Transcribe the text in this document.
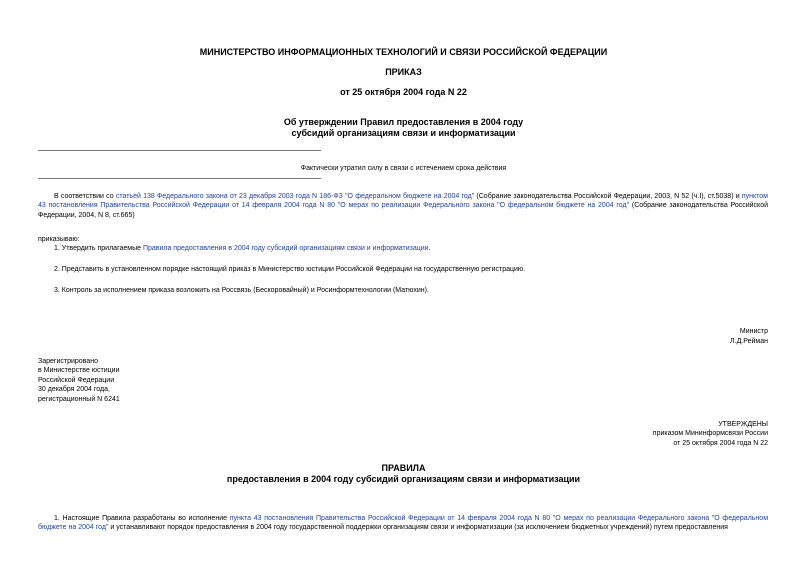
МИНИСТЕРСТВО ИНФОРМАЦИОННЫХ ТЕХНОЛОГИЙ И СВЯЗИ РОССИЙСКОЙ ФЕДЕРАЦИИ
ПРИКАЗ
от 25 октября 2004 года N 22
Об утверждении Правил предоставления в 2004 году
субсидий организациям связи и информатизации
Фактически утратил силу в связи с истечением срока действия

В соответствии со статьей 138 Федерального закона от 23 декабря 2003 года N 186-ФЗ "О федеральном бюджете на 2004 год" (Собрание законодательства Российской Федерации, 2003, N 52 (ч.I), ст.5038) и пунктом 43 постановления Правительства Российской Федерации от 14 февраля 2004 года N 80 "О мерах по реализации Федерального закона "О федеральном бюджете на 2004 год" (Собрание законодательства Российской Федерации, 2004, N 8, ст.665)

приказываю:

1. Утвердить прилагаемые Правила предоставления в 2004 году субсидий организациям связи и информатизации.

2. Представить в установленном порядке настоящий приказ в Министерство юстиции Российской Федерации на государственную регистрацию.

3. Контроль за исполнением приказа возложить на Россвязь (Бескоровайный) и Росинформтехнологии (Матюхин).

Министр
Л.Д.Рейман
Зарегистрировано
в Министерстве юстиции
Российской Федерации
30 декабря 2004 года,
регистрационный N 6241
УТВЕРЖДЕНЫ
приказом Мининформсвязи России
от 25 октября 2004 года N 22
ПРАВИЛА
предоставления в 2004 году субсидий организациям связи и информатизации

1. Настоящие Правила разработаны во исполнение пункта 43 постановления Правительства Российской Федерации от 14 февраля 2004 года N 80 "О мерах по реализации Федерального закона "О федеральном бюджете на 2004 год" и устанавливают порядок предоставления в 2004 году государственной поддержки организациям связи и информатизации (за исключением бюджетных учреждений) путем предоставления
